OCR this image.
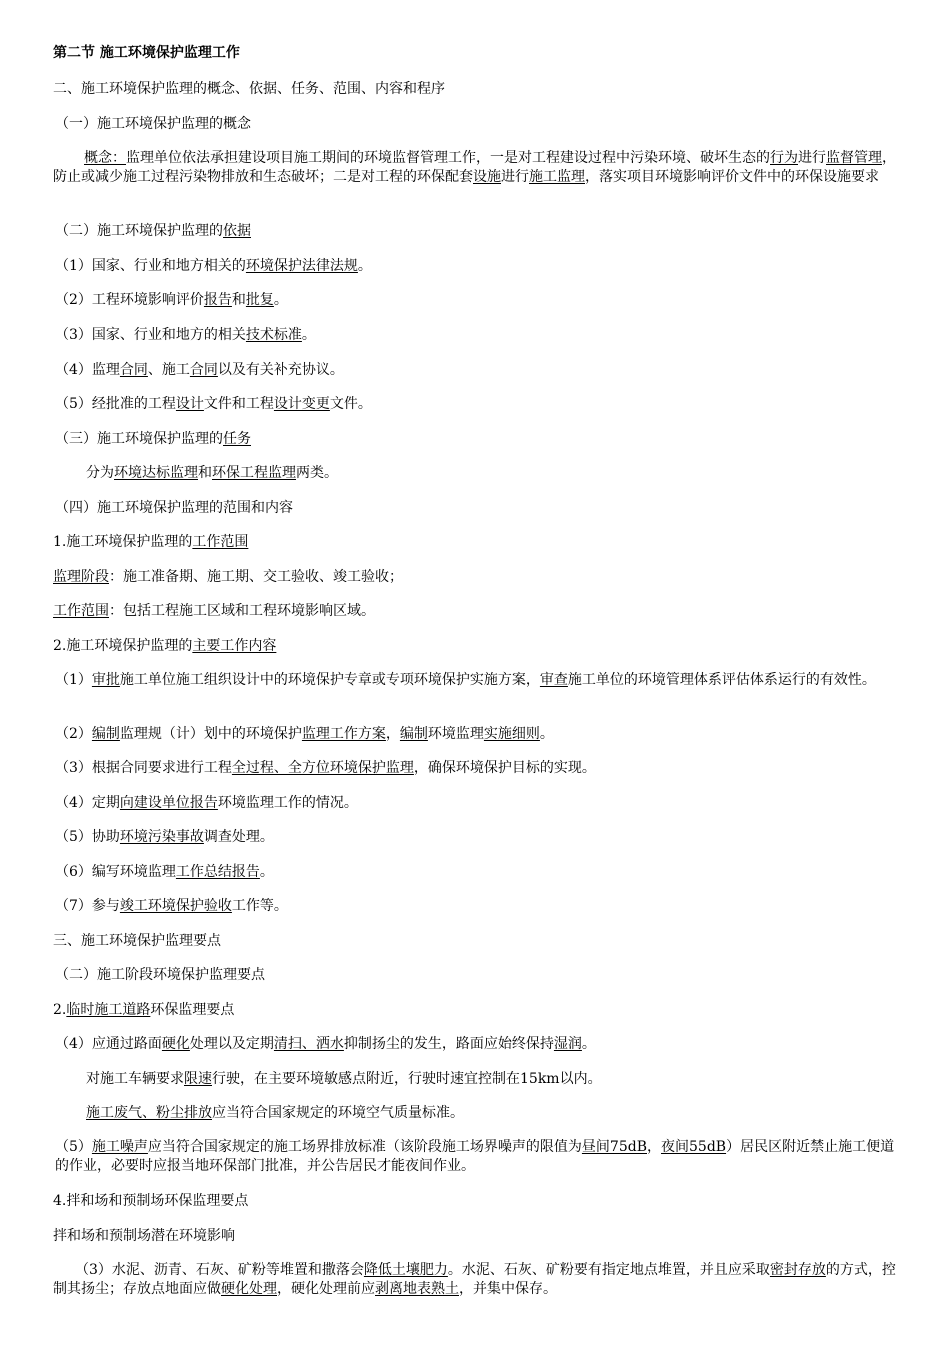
第二节 施工环境保护监理工作
二、施工环境保护监理的概念、依据、任务、范围、内容和程序
（一）施工环境保护监理的概念
概念：监理单位依法承担建设项目施工期间的环境监督管理工作，一是对工程建设过程中污染环境、破坏生态的行为进行监督管理，防止或减少施工过程污染物排放和生态破坏；二是对工程的环保配套设施进行施工监理，落实项目环境影响评价文件中的环保设施要求
（二）施工环境保护监理的依据
（1）国家、行业和地方相关的环境保护法律法规。
（2）工程环境影响评价报告和批复。
（3）国家、行业和地方的相关技术标准。
（4）监理合同、施工合同以及有关补充协议。
（5）经批准的工程设计文件和工程设计变更文件。
（三）施工环境保护监理的任务
分为环境达标监理和环保工程监理两类。
（四）施工环境保护监理的范围和内容
1.施工环境保护监理的工作范围
监理阶段：施工准备期、施工期、交工验收、竣工验收；
工作范围：包括工程施工区域和工程环境影响区域。
2.施工环境保护监理的主要工作内容
（1）审批施工单位施工组织设计中的环境保护专章或专项环境保护实施方案，审查施工单位的环境管理体系评估体系运行的有效性。
（2）编制监理规（计）划中的环境保护监理工作方案，编制环境监理实施细则。
（3）根据合同要求进行工程全过程、全方位环境保护监理，确保环境保护目标的实现。
（4）定期向建设单位报告环境监理工作的情况。
（5）协助环境污染事故调查处理。
（6）编写环境监理工作总结报告。
（7）参与竣工环境保护验收工作等。
三、施工环境保护监理要点
（二）施工阶段环境保护监理要点
2.临时施工道路环保监理要点
（4）应通过路面硬化处理以及定期清扫、洒水抑制扬尘的发生，路面应始终保持湿润。
对施工车辆要求限速行驶，在主要环境敏感点附近，行驶时速宜控制在15km以内。
施工废气、粉尘排放应当符合国家规定的环境空气质量标准。
（5）施工噪声应当符合国家规定的施工场界排放标准（该阶段施工场界噪声的限值为昼间75dB，夜间55dB）居民区附近禁止施工便道的作业，必要时应报当地环保部门批准，并公告居民才能夜间作业。
4.拌和场和预制场环保监理要点
拌和场和预制场潜在环境影响
（3）水泥、沥青、石灰、矿粉等堆置和撒落会降低土壤肥力。水泥、石灰、矿粉要有指定地点堆置，并且应采取密封存放的方式，控制其扬尘；存放点地面应做硬化处理，硬化处理前应剥离地表熟土，并集中保存。
